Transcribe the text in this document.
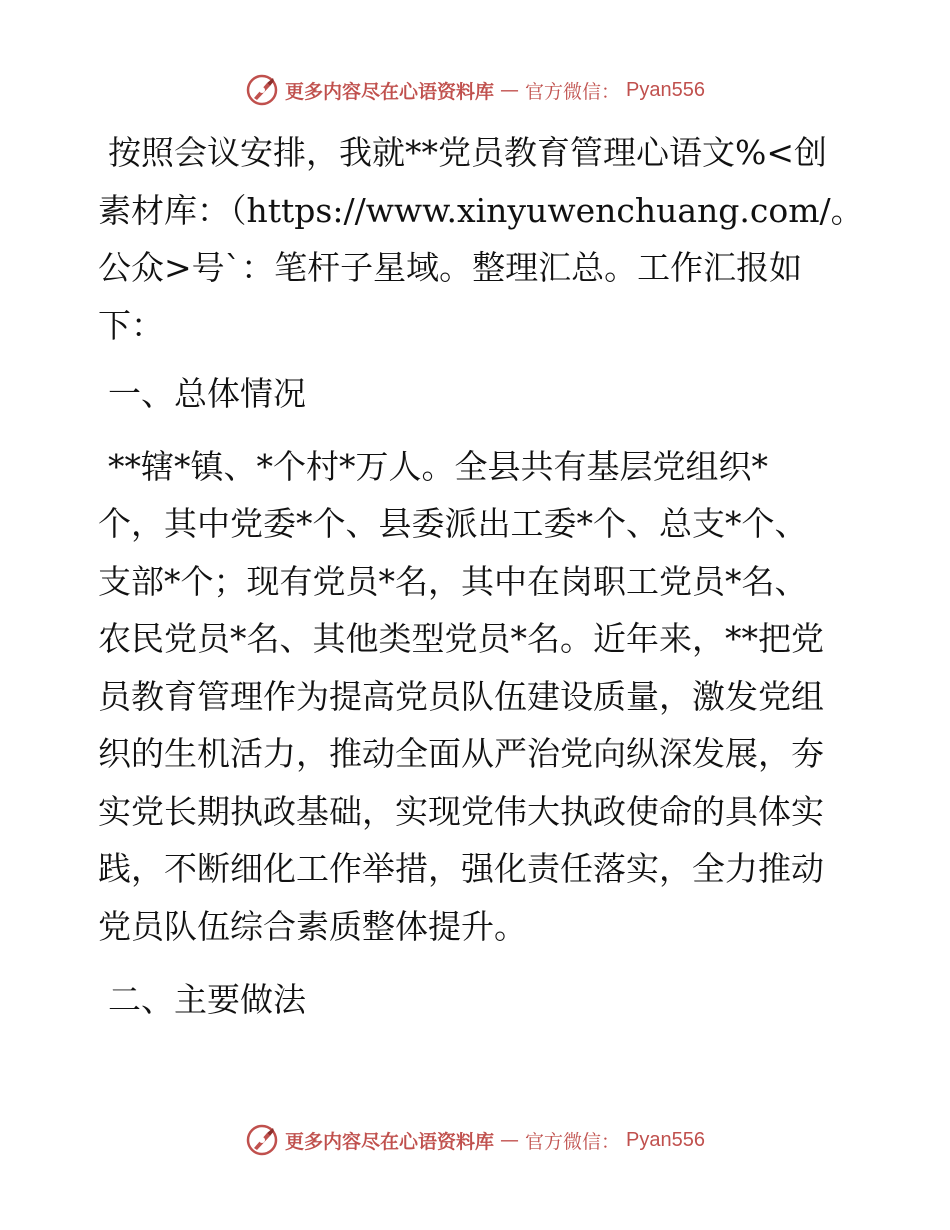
更多内容尽在心语资料库 — 官方微信： Pyan556
按照会议安排，我就**党员教育管理心语文%<创
素材库：（https://www.xinyuwenchuang.com/。
公众>号`：笔杆子星域。整理汇总。工作汇报如
下：
一、总体情况
**辖*镇、*个村*万人。全县共有基层党组织*
个，其中党委*个、县委派出工委*个、总支*个、
支部*个；现有党员*名，其中在岗职工党员*名、
农民党员*名、其他类型党员*名。近年来，**把党
员教育管理作为提高党员队伍建设质量，激发党组
织的生机活力，推动全面从严治党向纵深发展，夯
实党长期执政基础，实现党伟大执政使命的具体实
践，不断细化工作举措，强化责任落实，全力推动
党员队伍综合素质整体提升。
二、主要做法
更多内容尽在心语资料库 — 官方微信： Pyan556
